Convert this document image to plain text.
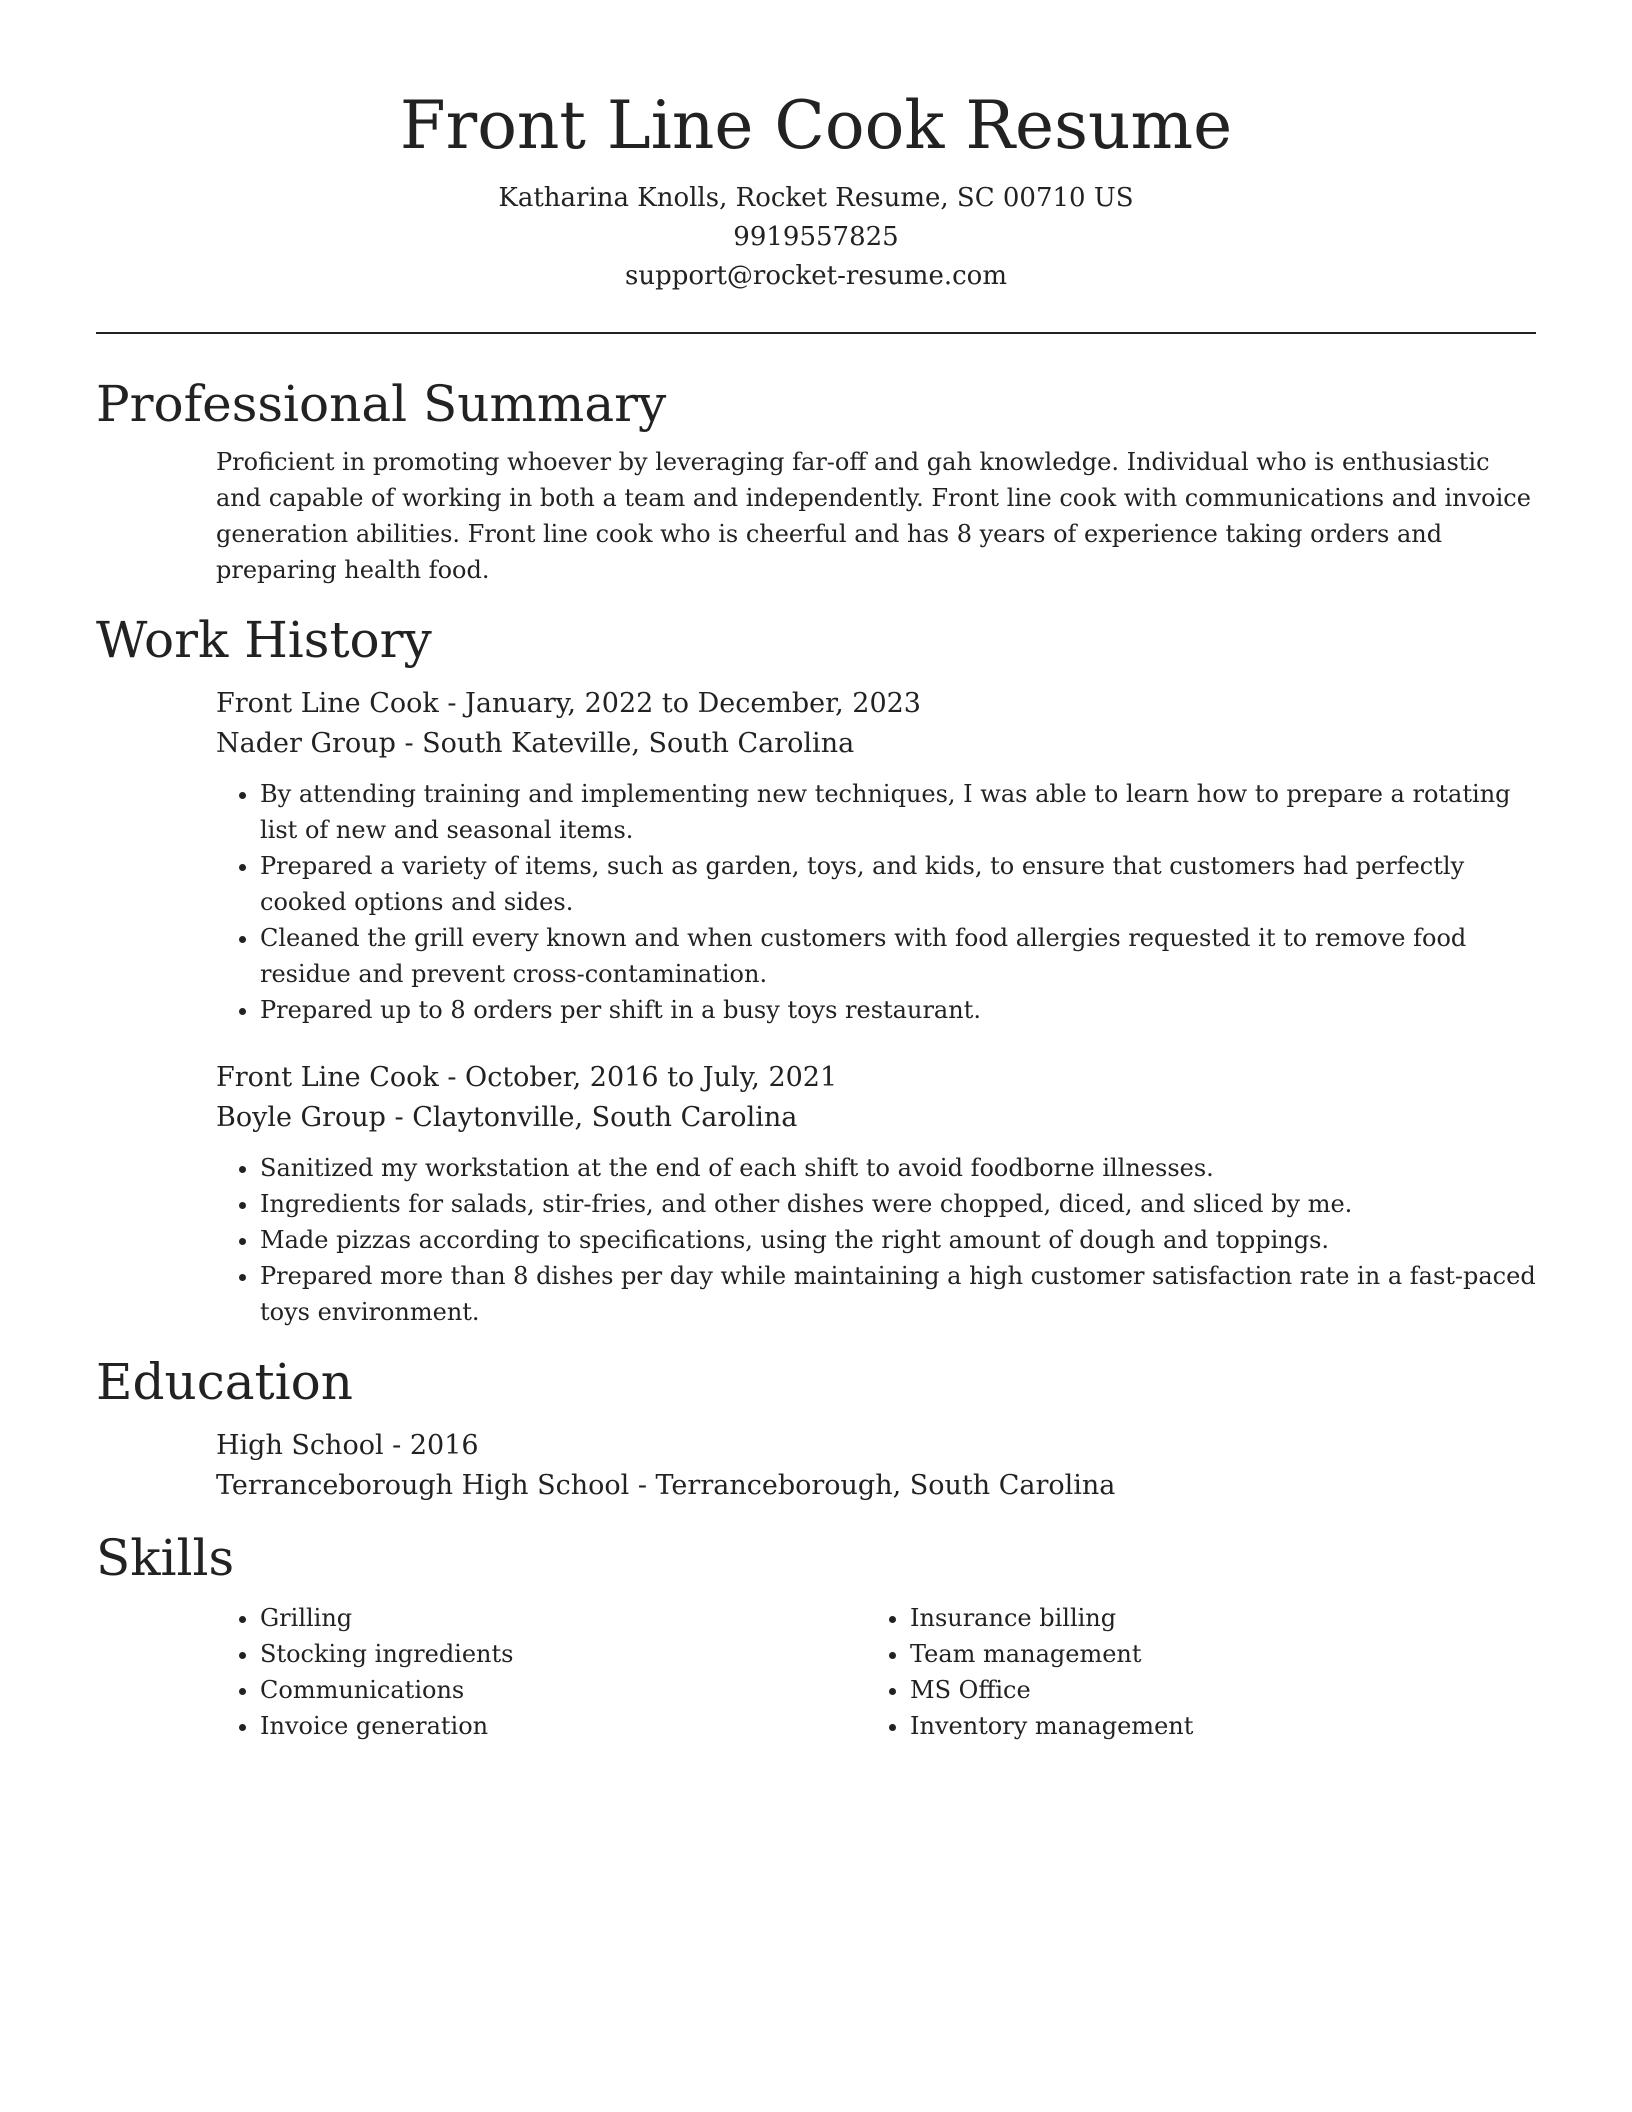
Front Line Cook Resume

Katharina Knolls, Rocket Resume, SC 00710 US

9919557825

support@rocket-resume.com

Professional Summary

Proficient in promoting whoever by leveraging far-off and gah knowledge. Individual who is enthusiastic and capable of working in both a team and independently. Front line cook with communications and invoice generation abilities. Front line cook who is cheerful and has 8 years of experience taking orders and preparing health food.

Work History

Front Line Cook - January, 2022 to December, 2023

Nader Group - South Kateville, South Carolina

• By attending training and implementing new techniques, I was able to learn how to prepare a rotating list of new and seasonal items.
• Prepared a variety of items, such as garden, toys, and kids, to ensure that customers had perfectly cooked options and sides.
• Cleaned the grill every known and when customers with food allergies requested it to remove food residue and prevent cross-contamination.
• Prepared up to 8 orders per shift in a busy toys restaurant.

Front Line Cook - October, 2016 to July, 2021

Boyle Group - Claytonville, South Carolina

• Sanitized my workstation at the end of each shift to avoid foodborne illnesses.
• Ingredients for salads, stir-fries, and other dishes were chopped, diced, and sliced by me.
• Made pizzas according to specifications, using the right amount of dough and toppings.
• Prepared more than 8 dishes per day while maintaining a high customer satisfaction rate in a fast-paced toys environment.
Education

High School - 2016

Terranceborough High School - Terranceborough, South Carolina

Skills
• Grilling
• Stocking ingredients
• Communications
• Invoice generation
• Insurance billing
• Team management
• MS Office
• Inventory management
